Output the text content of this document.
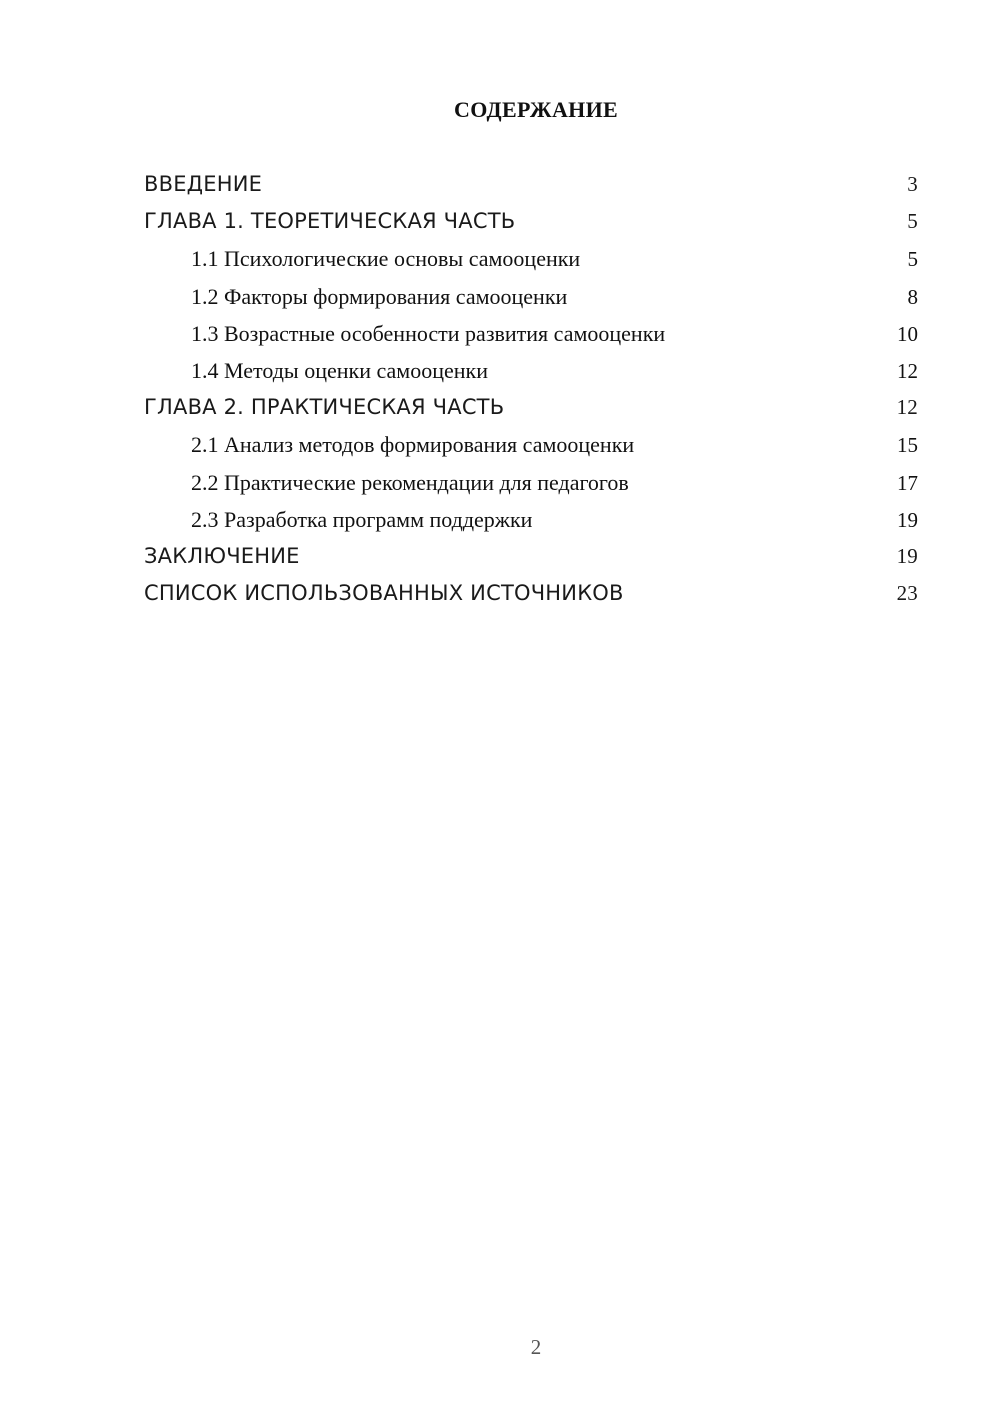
СОДЕРЖАНИЕ
ВВЕДЕНИЕ	3
ГЛАВА 1. ТЕОРЕТИЧЕСКАЯ ЧАСТЬ	5
1.1 Психологические основы самооценки	5
1.2 Факторы формирования самооценки	8
1.3 Возрастные особенности развития самооценки	10
1.4 Методы оценки самооценки	12
ГЛАВА 2. ПРАКТИЧЕСКАЯ ЧАСТЬ	12
2.1 Анализ методов формирования самооценки	15
2.2 Практические рекомендации для педагогов	17
2.3 Разработка программ поддержки	19
ЗАКЛЮЧЕНИЕ	19
СПИСОК ИСПОЛЬЗОВАННЫХ ИСТОЧНИКОВ	23
2
